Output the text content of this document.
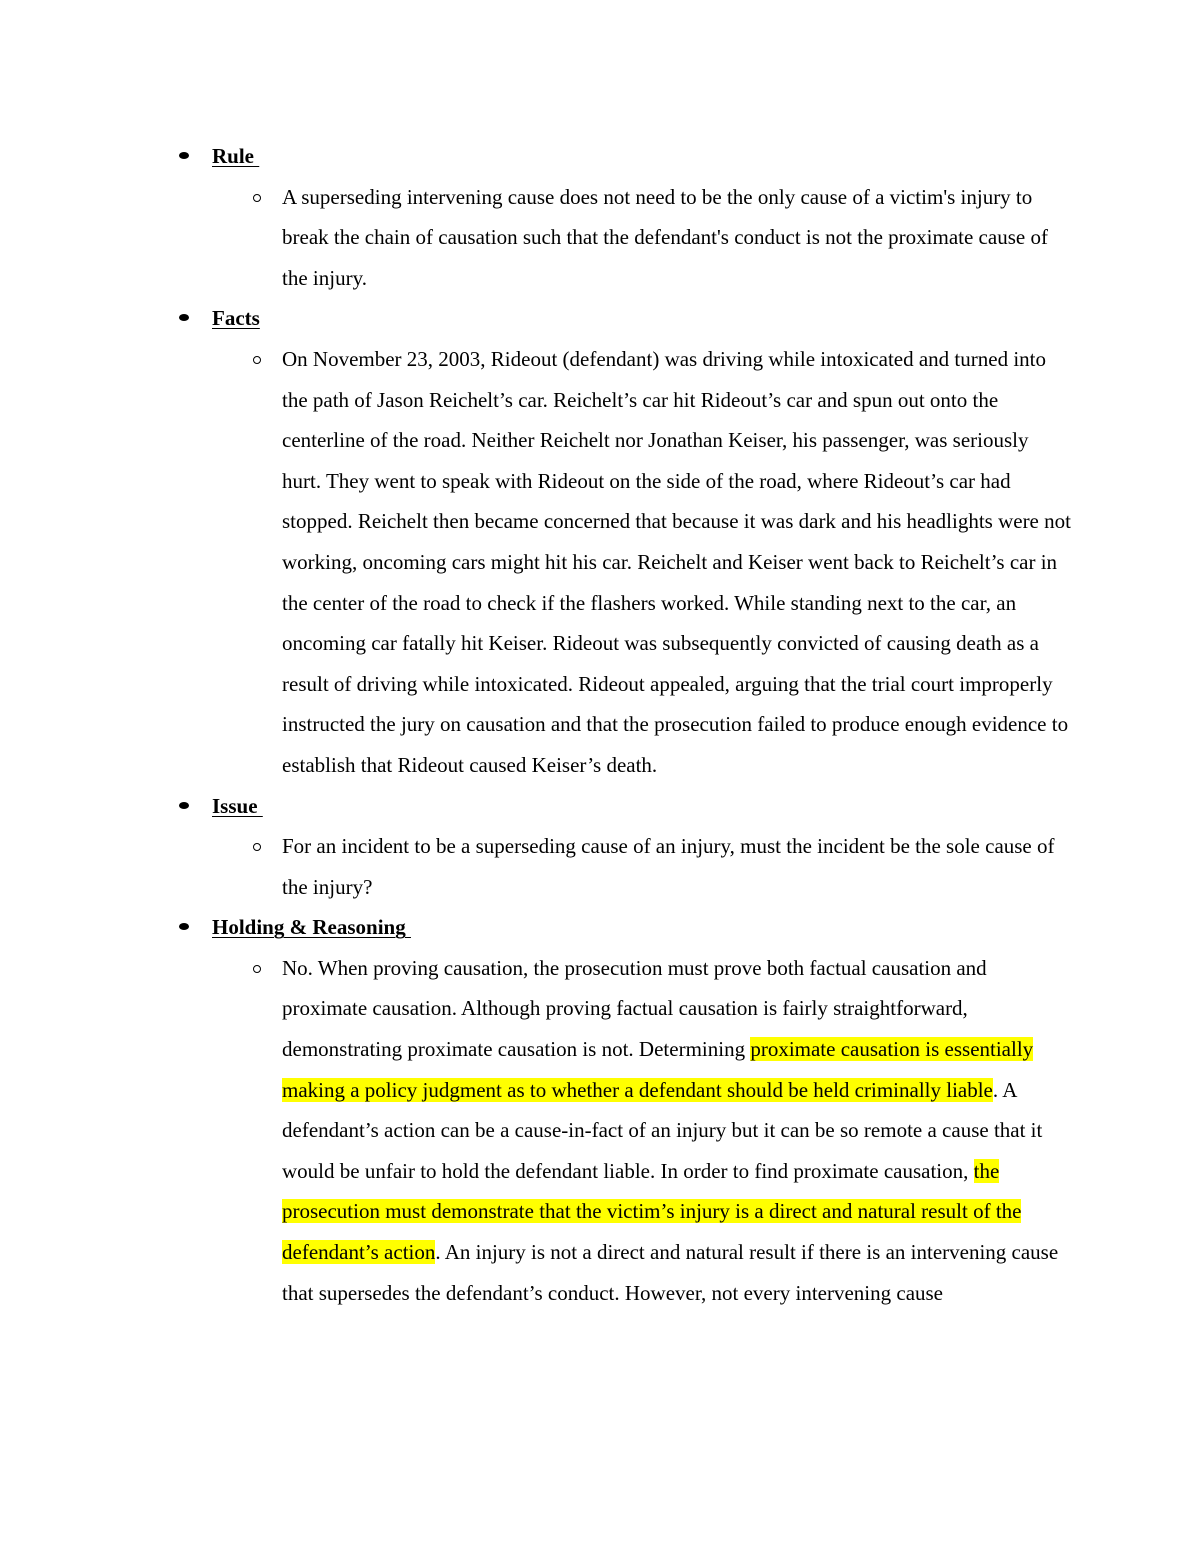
Rule
A superseding intervening cause does not need to be the only cause of a victim's injury to break the chain of causation such that the defendant's conduct is not the proximate cause of the injury.
Facts
On November 23, 2003, Rideout (defendant) was driving while intoxicated and turned into the path of Jason Reichelt’s car. Reichelt’s car hit Rideout’s car and spun out onto the centerline of the road. Neither Reichelt nor Jonathan Keiser, his passenger, was seriously hurt. They went to speak with Rideout on the side of the road, where Rideout’s car had stopped. Reichelt then became concerned that because it was dark and his headlights were not working, oncoming cars might hit his car. Reichelt and Keiser went back to Reichelt’s car in the center of the road to check if the flashers worked. While standing next to the car, an oncoming car fatally hit Keiser. Rideout was subsequently convicted of causing death as a result of driving while intoxicated. Rideout appealed, arguing that the trial court improperly instructed the jury on causation and that the prosecution failed to produce enough evidence to establish that Rideout caused Keiser’s death.
Issue
For an incident to be a superseding cause of an injury, must the incident be the sole cause of the injury?
Holding & Reasoning
No. When proving causation, the prosecution must prove both factual causation and proximate causation. Although proving factual causation is fairly straightforward, demonstrating proximate causation is not. Determining proximate causation is essentially making a policy judgment as to whether a defendant should be held criminally liable. A defendant’s action can be a cause-in-fact of an injury but it can be so remote a cause that it would be unfair to hold the defendant liable. In order to find proximate causation, the prosecution must demonstrate that the victim’s injury is a direct and natural result of the defendant’s action. An injury is not a direct and natural result if there is an intervening cause that supersedes the defendant’s conduct. However, not every intervening cause
